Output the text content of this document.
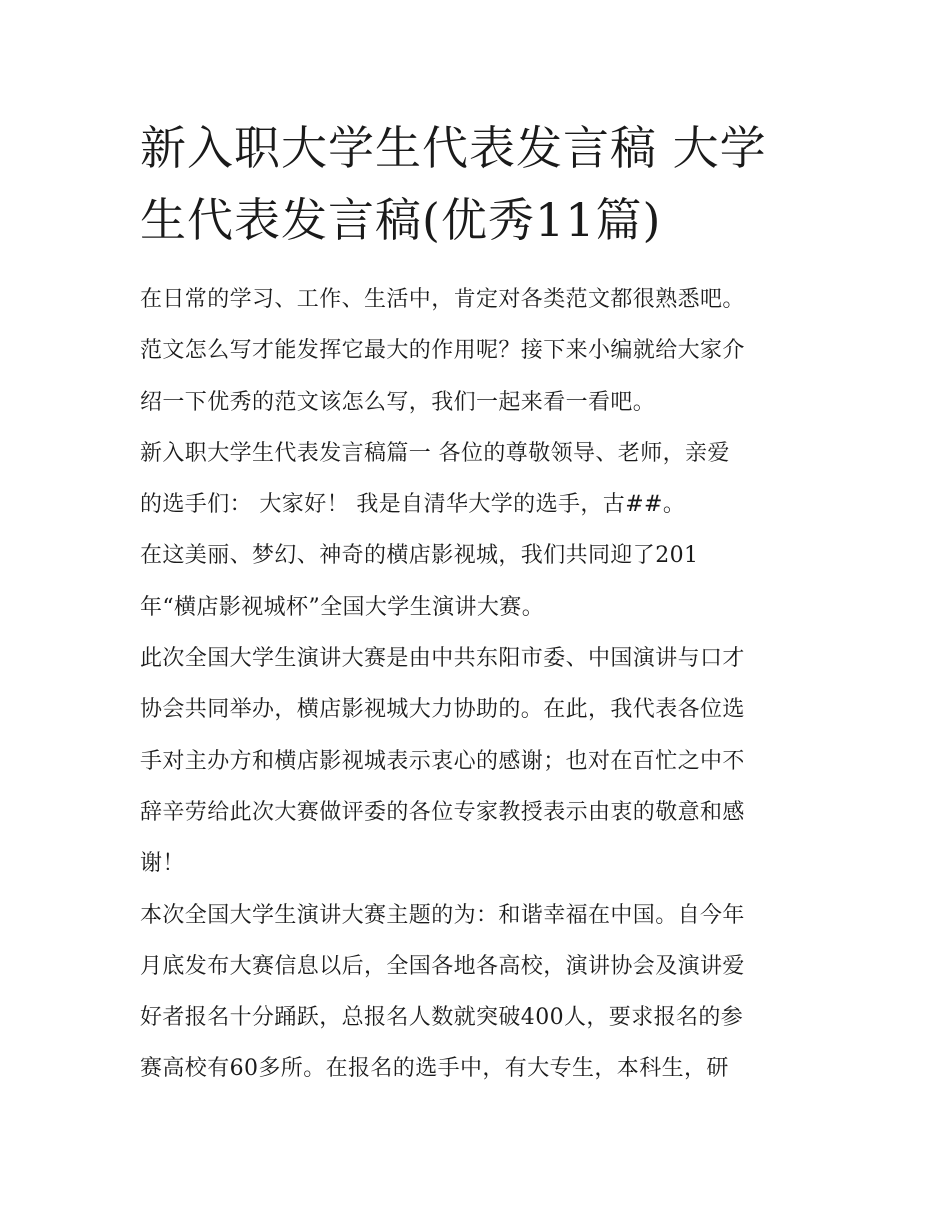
新入职大学生代表发言稿 大学
生代表发言稿(优秀11篇)
在日常的学习、工作、生活中，肯定对各类范文都很熟悉吧。
范文怎么写才能发挥它最大的作用呢？接下来小编就给大家介
绍一下优秀的范文该怎么写，我们一起来看一看吧。
新入职大学生代表发言稿篇一 各位的尊敬领导、老师，亲爱
的选手们： 大家好！ 我是自清华大学的选手，古##。
在这美丽、梦幻、神奇的横店影视城，我们共同迎了201
年“横店影视城杯”全国大学生演讲大赛。
此次全国大学生演讲大赛是由中共东阳市委、中国演讲与口才
协会共同举办，横店影视城大力协助的。在此，我代表各位选
手对主办方和横店影视城表示衷心的感谢；也对在百忙之中不
辞辛劳给此次大赛做评委的各位专家教授表示由衷的敬意和感
谢！
本次全国大学生演讲大赛主题的为：和谐幸福在中国。自今年
月底发布大赛信息以后，全国各地各高校，演讲协会及演讲爱
好者报名十分踊跃，总报名人数就突破400人，要求报名的参
赛高校有60多所。在报名的选手中，有大专生，本科生，研
